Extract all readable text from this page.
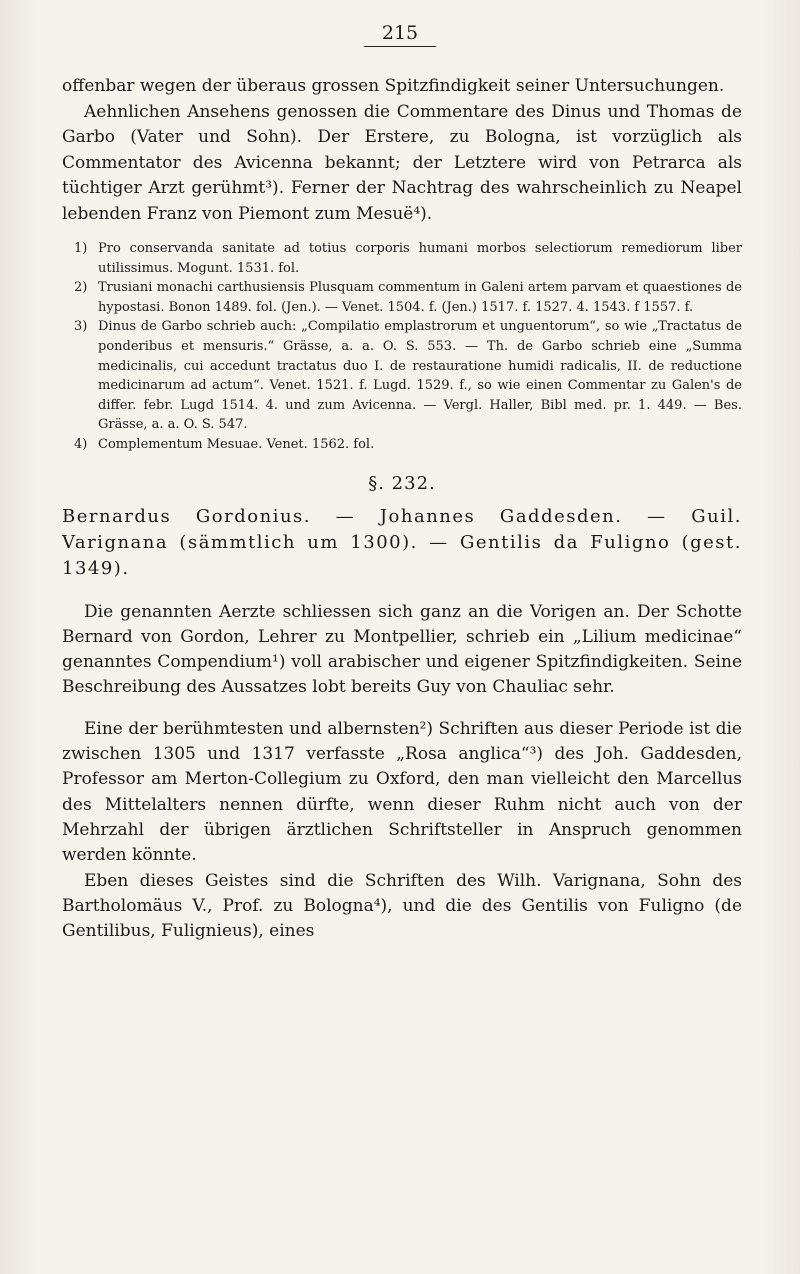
215

offenbar wegen der überaus grossen Spitzfindigkeit seiner Untersuchungen.

Aehnlichen Ansehens genossen die Commentare des Dinus und Thomas de Garbo (Vater und Sohn). Der Erstere, zu Bologna, ist vorzüglich als Commentator des Avicenna bekannt; der Letztere wird von Petrarca als tüchtiger Arzt gerühmt³). Ferner der Nachtrag des wahrscheinlich zu Neapel lebenden Franz von Piemont zum Mesuë⁴).

1) Pro conservanda sanitate ad totius corporis humani morbos selectiorum remediorum liber utilissimus. Mogunt. 1531. fol.
2) Trusiani monachi carthusiensis Plusquam commentum in Galeni artem parvam et quaestiones de hypostasi. Bonon 1489. fol. (Jen.). — Venet. 1504. f. (Jen.) 1517. f. 1527. 4. 1543. f 1557. f.
3) Dinus de Garbo schrieb auch: „Compilatio emplastrorum et unguentorum“, so wie „Tractatus de ponderibus et mensuris.“ Grässe, a. a. O. S. 553. — Th. de Garbo schrieb eine „Summa medicinalis, cui accedunt tractatus duo I. de restauratione humidi radicalis, II. de reductione medicinarum ad actum“. Venet. 1521. f. Lugd. 1529. f., so wie einen Commentar zu Galen's de differ. febr. Lugd 1514. 4. und zum Avicenna. — Vergl. Haller, Bibl med. pr. 1. 449. — Bes. Grässe, a. a. O. S. 547.
4) Complementum Mesuae. Venet. 1562. fol.
§. 232.

Bernardus Gordonius. — Johannes Gaddesden. — Guil. Varignana (sämmtlich um 1300). — Gentilis da Fuligno (gest. 1349).

Die genannten Aerzte schliessen sich ganz an die Vorigen an. Der Schotte Bernard von Gordon, Lehrer zu Montpellier, schrieb ein „Lilium medicinae“ genanntes Compendium¹) voll arabischer und eigener Spitzfindigkeiten. Seine Beschreibung des Aussatzes lobt bereits Guy von Chauliac sehr.

Eine der berühmtesten und albernsten²) Schriften aus dieser Periode ist die zwischen 1305 und 1317 verfasste „Rosa anglica“³) des Joh. Gaddesden, Professor am Merton-Collegium zu Oxford, den man vielleicht den Marcellus des Mittelalters nennen dürfte, wenn dieser Ruhm nicht auch von der Mehrzahl der übrigen ärztlichen Schriftsteller in Anspruch genommen werden könnte.

Eben dieses Geistes sind die Schriften des Wilh. Varignana, Sohn des Bartholomäus V., Prof. zu Bologna⁴), und die des Gentilis von Fuligno (de Gentilibus, Fulignieus), eines
